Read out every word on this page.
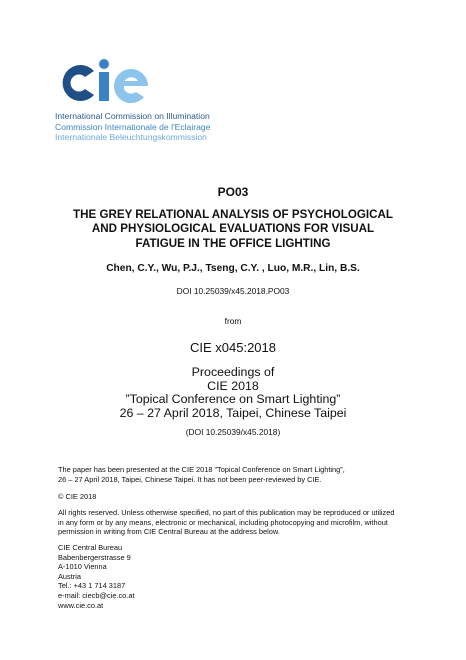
International Commission on Illumination
Commission Internationale de l'Eclairage
Internationale Beleuchtungskommission
PO03
THE GREY RELATIONAL ANALYSIS OF PSYCHOLOGICAL
AND PHYSIOLOGICAL EVALUATIONS FOR VISUAL
FATIGUE IN THE OFFICE LIGHTING
Chen, C.Y., Wu, P.J., Tseng, C.Y. , Luo, M.R., Lin, B.S.
DOI 10.25039/x45.2018.PO03
from
CIE x045:2018
Proceedings of
CIE 2018
”Topical Conference on Smart Lighting”
26 – 27 April 2018, Taipei, Chinese Taipei
(DOI 10.25039/x45.2018)
The paper has been presented at the CIE 2018 ”Topical Conference on Smart Lighting”,
26 – 27 April 2018, Taipei, Chinese Taipei. It has not been peer-reviewed by CIE.
© CIE 2018
All rights reserved. Unless otherwise specified, no part of this publication may be reproduced or utilized
in any form or by any means, electronic or mechanical, including photocopying and microfilm, without
permission in writing from CIE Central Bureau at the address below.
CIE Central Bureau
Babenbergerstrasse 9
A-1010 Vienna
Austria
Tel.: +43 1 714 3187
e-mail: ciecb@cie.co.at
www.cie.co.at
